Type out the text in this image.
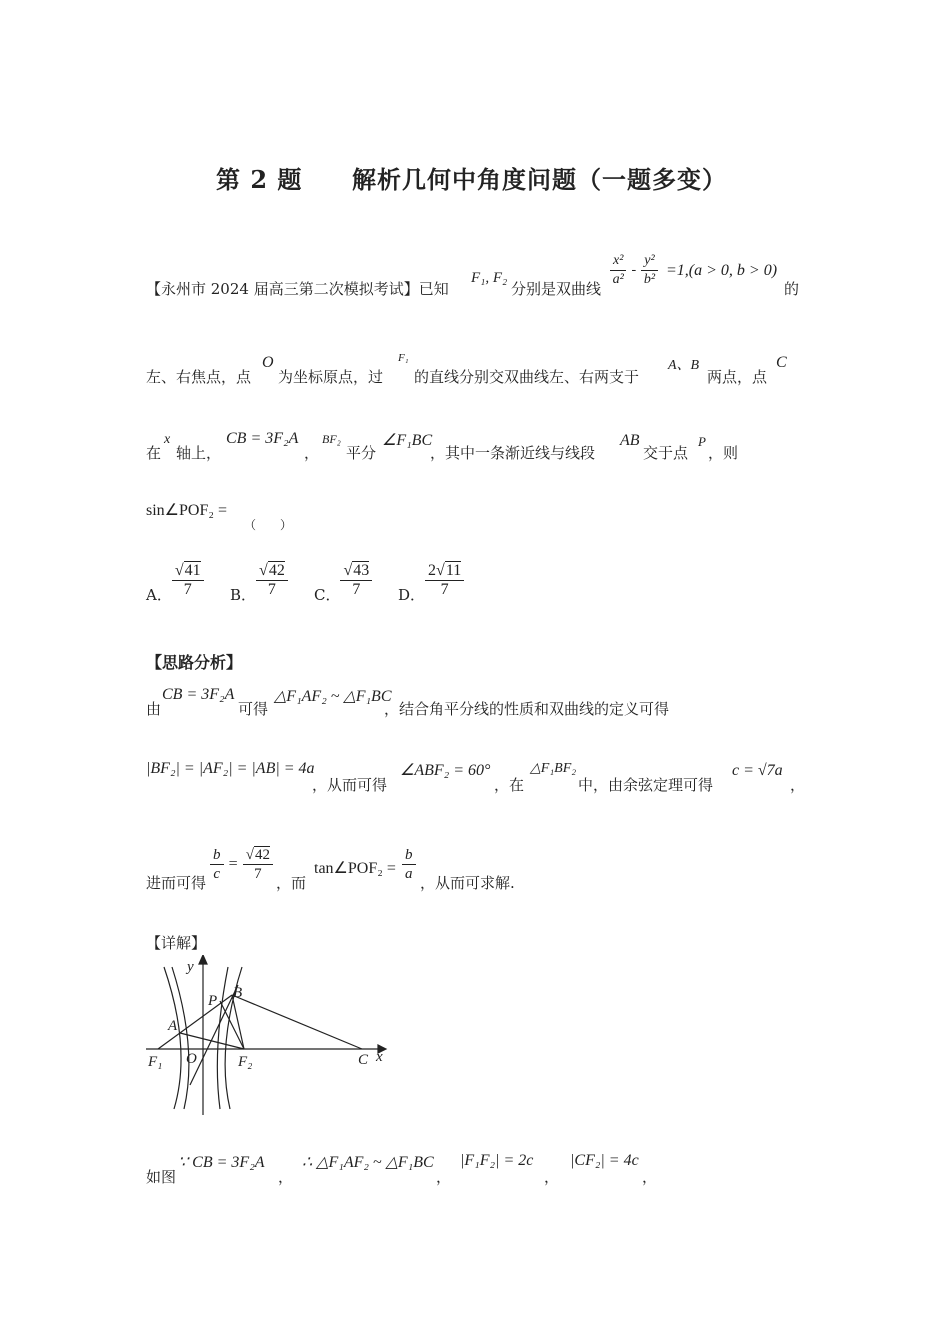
第 2 题 解析几何中角度问题（一题多变）
【永州市 2024 届高三第二次模拟考试】已知
F₁, F₂
分别是双曲线 $\frac{\text{x²}}{\text{a²}} - \frac{\text{y²}}{\text{b²}} =1,(a > 0$, b > 0)
的
左、右焦点，点
O
为坐标原点，过
F₁
的直线分别交双曲线左、右两支于
A、B
两点，点
C
在
x
轴上，
CB = 3F₂A
，
BF₂
平分
∠F₁BC
，其中一条渐近线与线段
AB
交于点
P
，则
sin∠POF₂ =
（　　）
A． $\frac{√41}{7}$ B． $\frac{√42}{7}$ C． $\frac{√43}{7}$ D． $\frac{2√11}{7}$
【思路分析】
由
CB = 3F₂A
可得
△F₁AF₂ ~ △F₁BC
，结合角平分线的性质和双曲线的定义可得
|BF₂| = |AF₂| = |AB| = 4a
，从而可得
∠ABF₂ = 60°
，在
△F₁BF₂
中，由余弦定理可得
c = √7a
，
进而可得 $\frac{b}{c} = \frac{√42}{7}$ ，而
tan∠POF₂ = $\frac{b}{a}$ ，从而可求解.
【详解】
y
x
P B
A
F₁ O	F₂	C
如图
∵ CB = 3F₂A
，
∴ △F₁AF₂ ~ △F₁BC
，
|F₁F₂| = 2c
，
|CF₂| = 4c
，
